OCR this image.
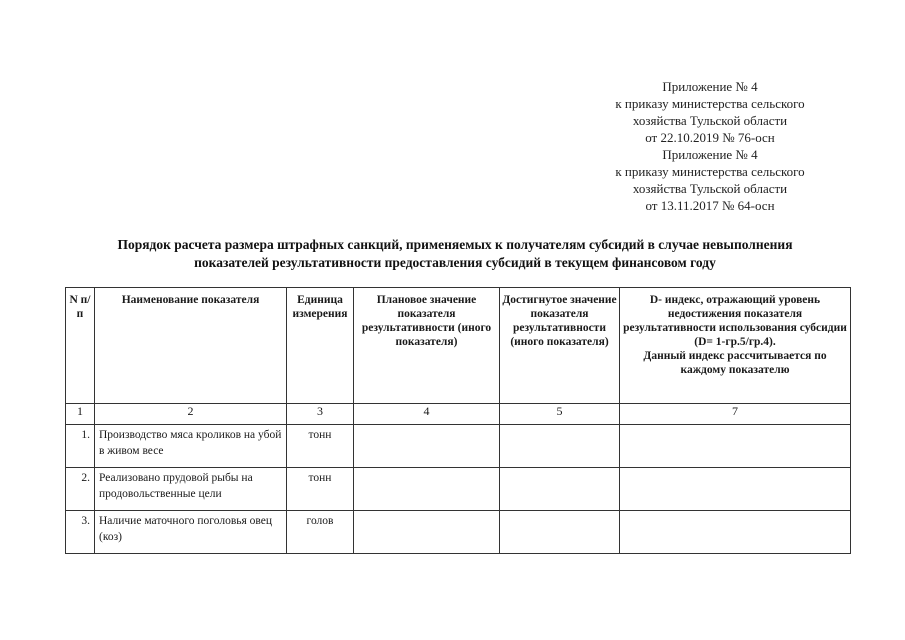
Приложение № 4
к приказу министерства сельского
хозяйства Тульской области
от 22.10.2019 № 76-осн
Приложение № 4
к приказу министерства сельского
хозяйства Тульской области
от 13.11.2017 № 64-осн
Порядок расчета размера штрафных санкций, применяемых к получателям субсидий в случае невыполнения
показателей результативности предоставления субсидий в текущем финансовом году
N п/п	Наименование показателя	Единица измерения	Плановое значение показателя результативности (иного показателя)	Достигнутое значение показателя результативности (иного показателя)	D- индекс, отражающий уровень недостижения показателя результативности использования субсидии
(D= 1-гр.5/гр.4).
Данный индекс рассчитывается по каждому показателю

1	2	3	4	5	7
1.	Производство мяса кроликов на убой в живом весе	тонн			
2.	Реализовано прудовой рыбы на продовольственные цели	тонн			
3.	Наличие маточного поголовья овец (коз)	голов			
